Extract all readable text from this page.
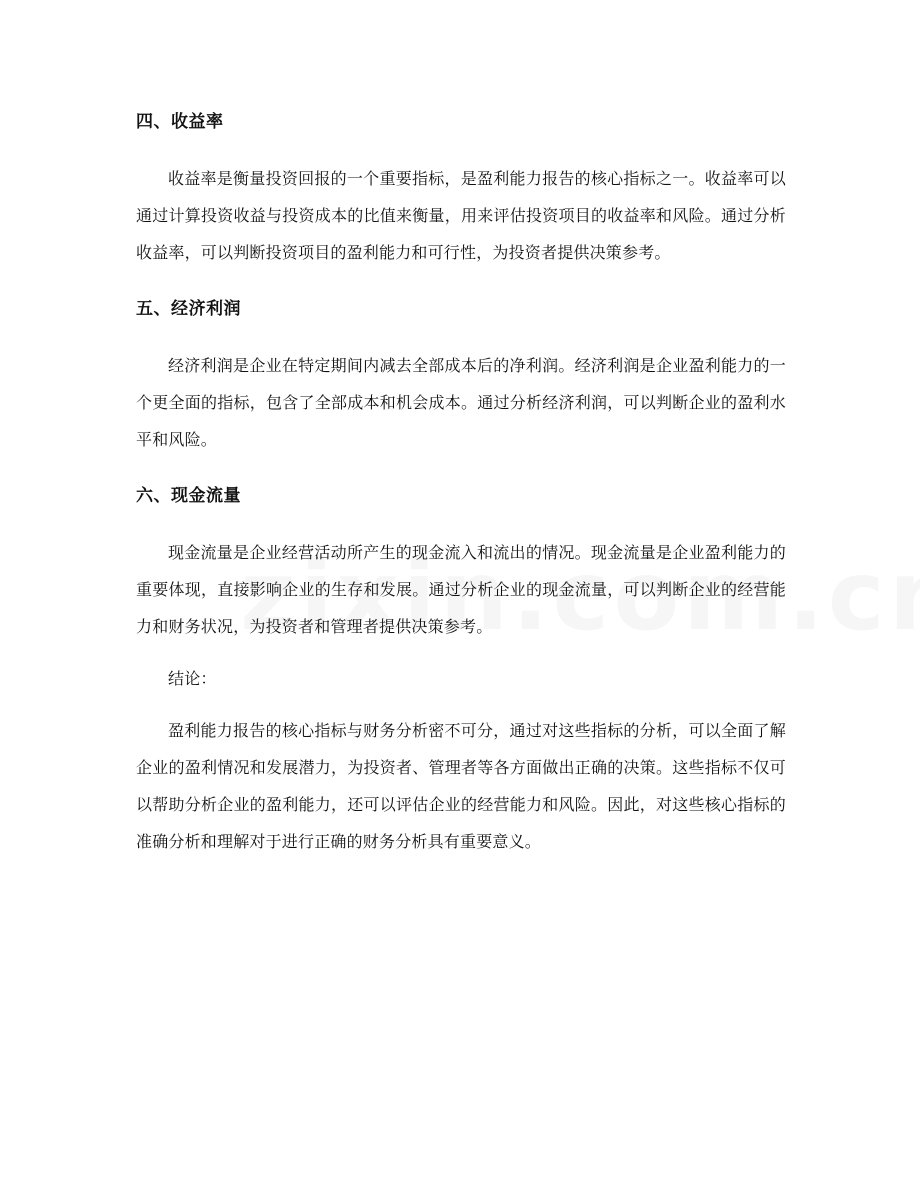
四、收益率

收益率是衡量投资回报的一个重要指标，是盈利能力报告的核心指标之一。收益率可以通过计算投资收益与投资成本的比值来衡量，用来评估投资项目的收益率和风险。通过分析收益率，可以判断投资项目的盈利能力和可行性，为投资者提供决策参考。

五、经济利润

经济利润是企业在特定期间内减去全部成本后的净利润。经济利润是企业盈利能力的一个更全面的指标，包含了全部成本和机会成本。通过分析经济利润，可以判断企业的盈利水平和风险。

六、现金流量

现金流量是企业经营活动所产生的现金流入和流出的情况。现金流量是企业盈利能力的重要体现，直接影响企业的生存和发展。通过分析企业的现金流量，可以判断企业的经营能力和财务状况，为投资者和管理者提供决策参考。

结论：

盈利能力报告的核心指标与财务分析密不可分，通过对这些指标的分析，可以全面了解企业的盈利情况和发展潜力，为投资者、管理者等各方面做出正确的决策。这些指标不仅可以帮助分析企业的盈利能力，还可以评估企业的经营能力和风险。因此，对这些核心指标的准确分析和理解对于进行正确的财务分析具有重要意义。
